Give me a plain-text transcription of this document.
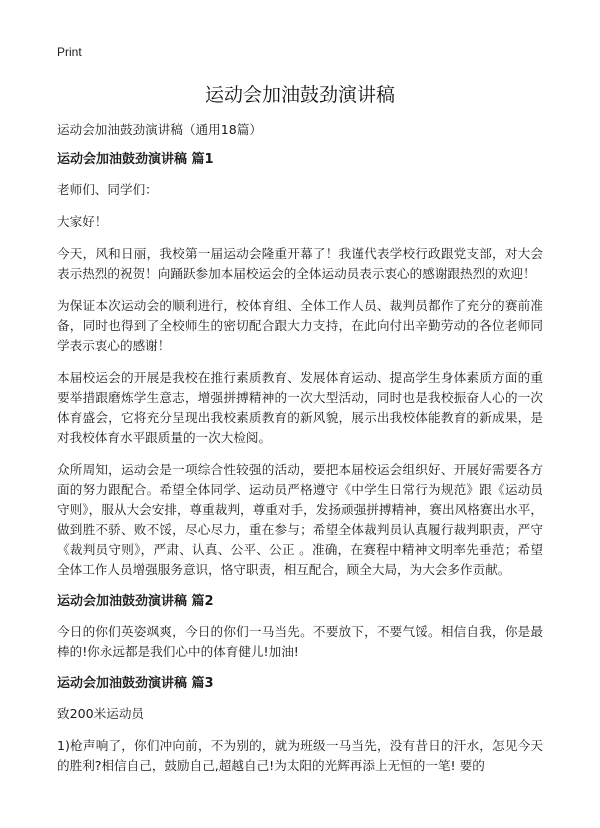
Print
运动会加油鼓劲演讲稿

运动会加油鼓劲演讲稿（通用18篇）

运动会加油鼓劲演讲稿 篇1

老师们、同学们：

大家好！

今天，风和日丽，我校第一届运动会隆重开幕了！我谨代表学校行政跟党支部，对大会表示热烈的祝贺！向踊跃参加本届校运会的全体运动员表示衷心的感谢跟热烈的欢迎！

为保证本次运动会的顺利进行，校体育组、全体工作人员、裁判员都作了充分的赛前准备，同时也得到了全校师生的密切配合跟大力支持，在此向付出辛勤劳动的各位老师同学表示衷心的感谢！

本届校运会的开展是我校在推行素质教育、发展体育运动、提高学生身体素质方面的重要举措跟磨炼学生意志，增强拼搏精神的一次大型活动，同时也是我校振奋人心的一次体育盛会，它将充分呈现出我校素质教育的新风貌，展示出我校体能教育的新成果，是对我校体育水平跟质量的一次大检阅。

众所周知，运动会是一项综合性较强的活动，要把本届校运会组织好、开展好需要各方面的努力跟配合。希望全体同学、运动员严格遵守《中学生日常行为规范》跟《运动员守则》，服从大会安排，尊重裁判，尊重对手，发扬顽强拼搏精神，赛出风格赛出水平，做到胜不骄、败不馁，尽心尽力，重在参与；希望全体裁判员认真履行裁判职责，严守《裁判员守则》，严肃、认真、公平、公正 。准确，在赛程中精神文明率先垂范；希望全体工作人员增强服务意识，恪守职责，相互配合，顾全大局，为大会多作贡献。

运动会加油鼓劲演讲稿 篇2

今日的你们英姿飒爽，今日的你们一马当先。不要放下，不要气馁。相信自我，你是最棒的!你永远都是我们心中的体育健儿!加油!

运动会加油鼓劲演讲稿 篇3

致200米运动员

1)枪声响了，你们冲向前，不为别的，就为班级一马当先，没有昔日的汗水，怎见今天的胜利?相信自己，鼓励自己,超越自己!为太阳的光辉再添上无恒的一笔! 要的
